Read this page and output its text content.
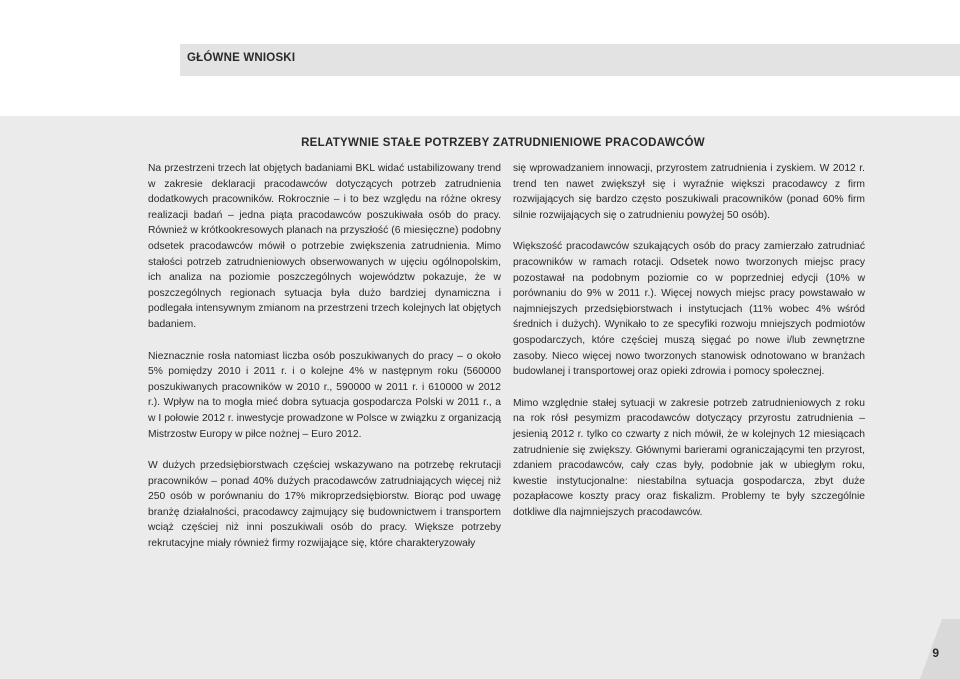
GŁÓWNE WNIOSKI
RELATYWNIE STAŁE POTRZEBY ZATRUDNIENIOWE PRACODAWCÓW

Na przestrzeni trzech lat objętych badaniami BKL widać ustabilizowany trend w zakresie deklaracji pracodawców dotyczących potrzeb zatrudnienia dodatkowych pracowników. Rokrocznie – i to bez względu na różne okresy realizacji badań – jedna piąta pracodawców poszukiwała osób do pracy. Również w krótkookresowych planach na przyszłość (6 miesięczne) podobny odsetek pracodawców mówił o potrzebie zwiększenia zatrudnienia. Mimo stałości potrzeb zatrudnieniowych obserwowanych w ujęciu ogólnopolskim, ich analiza na poziomie poszczególnych województw pokazuje, że w poszczególnych regionach sytuacja była dużo bardziej dynamiczna i podlegała intensywnym zmianom na przestrzeni trzech kolejnych lat objętych badaniem.

Nieznacznie rosła natomiast liczba osób poszukiwanych do pracy – o około 5% pomiędzy 2010 i 2011 r. i o kolejne 4% w następnym roku (560000 poszukiwanych pracowników w 2010 r., 590000 w 2011 r. i 610000 w 2012 r.). Wpływ na to mogła mieć dobra sytuacja gospodarcza Polski w 2011 r., a w I połowie 2012 r. inwestycje prowadzone w Polsce w związku z organizacją Mistrzostw Europy w piłce nożnej – Euro 2012.

W dużych przedsiębiorstwach częściej wskazywano na potrzebę rekrutacji pracowników – ponad 40% dużych pracodawców zatrudniających więcej niż 250 osób w porównaniu do 17% mikroprzedsiębiorstw. Biorąc pod uwagę branżę działalności, pracodawcy zajmujący się budownictwem i transportem wciąż częściej niż inni poszukiwali osób do pracy. Większe potrzeby rekrutacyjne miały również firmy rozwijające się, które charakteryzowały

się wprowadzaniem innowacji, przyrostem zatrudnienia i zyskiem. W 2012 r. trend ten nawet zwiększył się i wyraźnie większi pracodawcy z firm rozwijających się bardzo często poszukiwali pracowników (ponad 60% firm silnie rozwijających się o zatrudnieniu powyżej 50 osób).

Większość pracodawców szukających osób do pracy zamierzało zatrudniać pracowników w ramach rotacji. Odsetek nowo tworzonych miejsc pracy pozostawał na podobnym poziomie co w poprzedniej edycji (10% w porównaniu do 9% w 2011 r.). Więcej nowych miejsc pracy powstawało w najmniejszych przedsiębiorstwach i instytucjach (11% wobec 4% wśród średnich i dużych). Wynikało to ze specyfiki rozwoju mniejszych podmiotów gospodarczych, które częściej muszą sięgać po nowe i/lub zewnętrzne zasoby. Nieco więcej nowo tworzonych stanowisk odnotowano w branżach budowlanej i transportowej oraz opieki zdrowia i pomocy społecznej.

Mimo względnie stałej sytuacji w zakresie potrzeb zatrudnieniowych z roku na rok rósł pesymizm pracodawców dotyczący przyrostu zatrudnienia – jesienią 2012 r. tylko co czwarty z nich mówił, że w kolejnych 12 miesiącach zatrudnienie się zwiększy. Głównymi barierami ograniczającymi ten przyrost, zdaniem pracodawców, cały czas były, podobnie jak w ubiegłym roku, kwestie instytucjonalne: niestabilna sytuacja gospodarcza, zbyt duże pozapłacowe koszty pracy oraz fiskalizm. Problemy te były szczególnie dotkliwe dla najmniejszych pracodawców.

9
